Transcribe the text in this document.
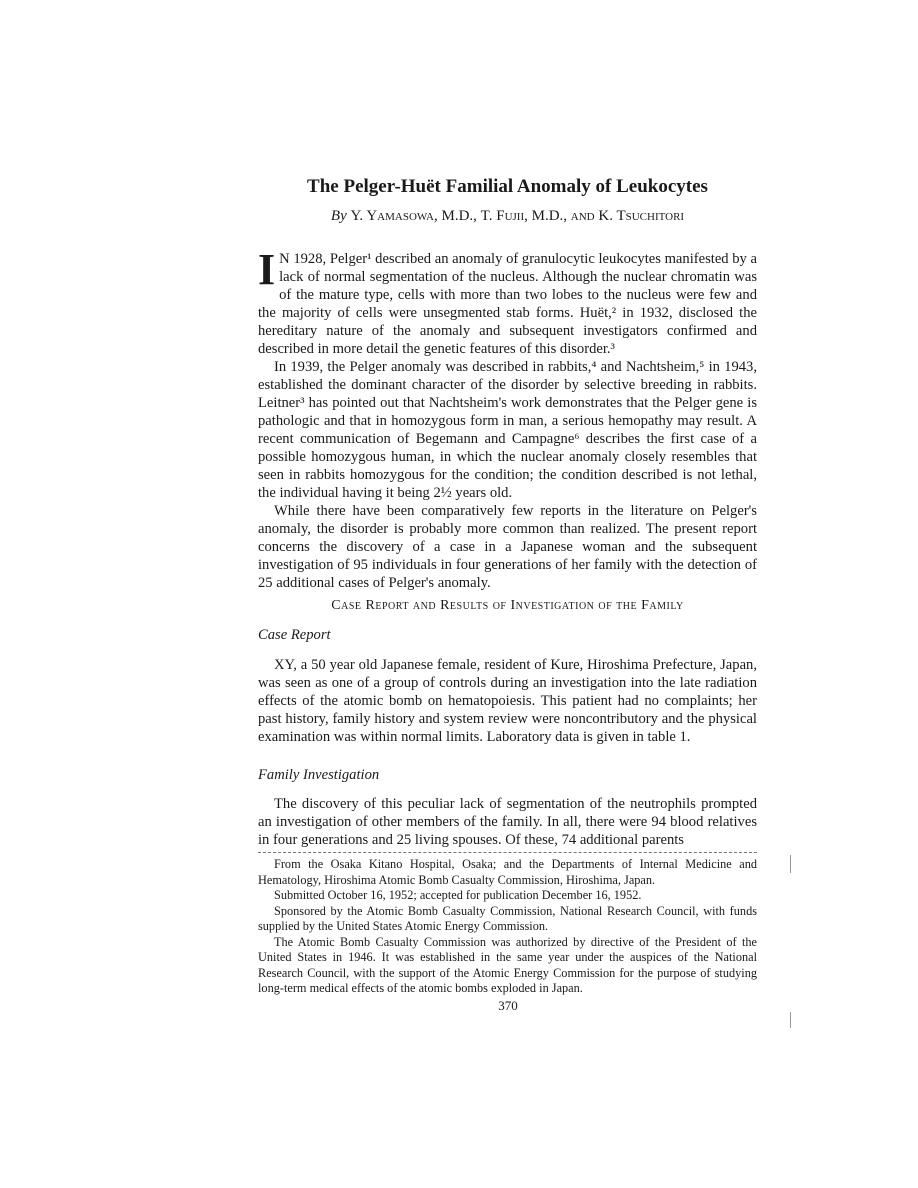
The Pelger-Huët Familial Anomaly of Leukocytes
By Y. Yamasowa, M.D., T. Fujii, M.D., and K. Tsuchitori

I N 1928, Pelger¹ described an anomaly of granulocytic leukocytes manifested by a lack of normal segmentation of the nucleus. Although the nuclear chromatin was of the mature type, cells with more than two lobes to the nucleus were few and the majority of cells were unsegmented stab forms. Huët,² in 1932, disclosed the hereditary nature of the anomaly and subsequent investigators confirmed and described in more detail the genetic features of this disorder.³

In 1939, the Pelger anomaly was described in rabbits,⁴ and Nachtsheim,⁵ in 1943, established the dominant character of the disorder by selective breeding in rabbits. Leitner³ has pointed out that Nachtsheim's work demonstrates that the Pelger gene is pathologic and that in homozygous form in man, a serious hemopathy may result. A recent communication of Begemann and Campagne⁶ describes the first case of a possible homozygous human, in which the nuclear anomaly closely resembles that seen in rabbits homozygous for the condition; the condition described is not lethal, the individual having it being 2½ years old.

While there have been comparatively few reports in the literature on Pelger's anomaly, the disorder is probably more common than realized. The present report concerns the discovery of a case in a Japanese woman and the subsequent investigation of 95 individuals in four generations of her family with the detection of 25 additional cases of Pelger's anomaly.

Case Report and Results of Investigation of the Family
Case Report

XY, a 50 year old Japanese female, resident of Kure, Hiroshima Prefecture, Japan, was seen as one of a group of controls during an investigation into the late radiation effects of the atomic bomb on hematopoiesis. This patient had no complaints; her past history, family history and system review were noncontributory and the physical examination was within normal limits. Laboratory data is given in table 1.

Family Investigation

The discovery of this peculiar lack of segmentation of the neutrophils prompted an investigation of other members of the family. In all, there were 94 blood relatives in four generations and 25 living spouses. Of these, 74 additional parents

From the Osaka Kitano Hospital, Osaka; and the Departments of Internal Medicine and Hematology, Hiroshima Atomic Bomb Casualty Commission, Hiroshima, Japan.

Submitted October 16, 1952; accepted for publication December 16, 1952.

Sponsored by the Atomic Bomb Casualty Commission, National Research Council, with funds supplied by the United States Atomic Energy Commission.

The Atomic Bomb Casualty Commission was authorized by directive of the President of the United States in 1946. It was established in the same year under the auspices of the National Research Council, with the support of the Atomic Energy Commission for the purpose of studying long-term medical effects of the atomic bombs exploded in Japan.

370
